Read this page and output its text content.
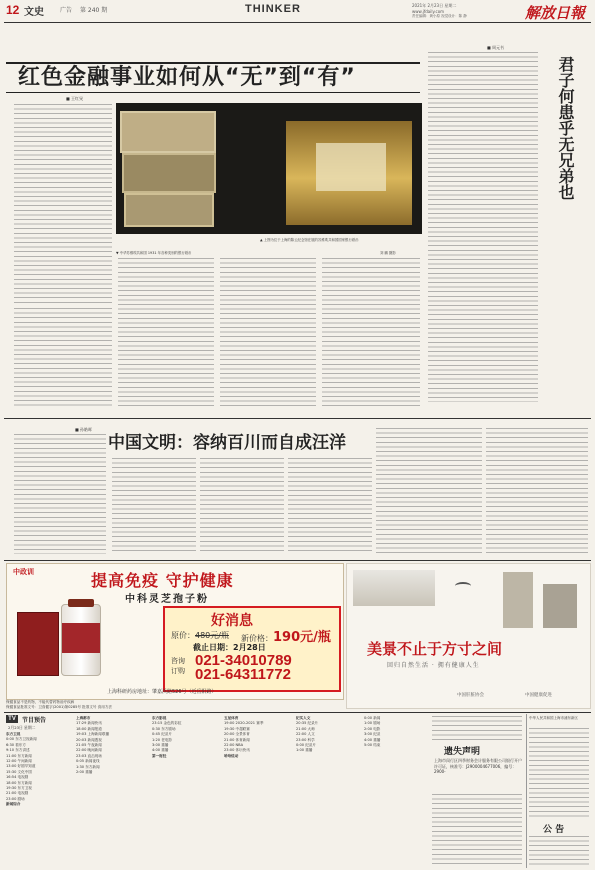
12 文史	广告 第 240 期	THINKER	2021年 2月23日 星期二
www.jfdaily.com
责任编辑：黄小原 视觉设计：陈 静	解放日報
红色金融事业如何从“无”到“有”
■ 王红旻
▲ 上图为位于上海的陈云纪念馆在展的苏维埃共和国国家银行纸币
▼ 中华苏维埃共和国 1931 年各种类别的银行纸币	刘 鹏 摄影
■ 周元书
君子何患乎无兄弟也
■ 孙皓晖
中国文明：容纳百川而自成汪洋
中政训	提高免疫 守护健康
中科灵芝孢子粉
好消息
原价：480元/瓶 新价格：190元/瓶
截止日期：2月28日
咨询
订购
021-34010789
021-64311772
上海科研药房地址：肇嘉浜路526号（近岳阳路）
保健食品不是药物，不能代替药物治疗疾病
保健食品批准文号：卫食健字(2001)第0285号 批准文号 食用方法
美景不止于方寸之间
回归自然生活 · 拥有健康人生
中国肝脏协会	中国健康促进
TV	节目预告
2月23日 星期二
东方卫视
0:00 东方卫视新闻
6:30 看东方
9:10 东方讲述
11:00 东方新闻
12:00 午间新闻
13:00 好剧早知道
15:30 文化中国
16:54 电视剧
18:00 东方新闻
19:30 东方卫视
21:00 电视剧
23:00 剧场
新闻综合
上海都市
17:29 新闻快讯
18:00 新闻报道
19:03 上海新闻联播
20:03 新闻透视
21:05 午夜新闻
22:00 晚间新闻
23:03 直击现场
0:05 新闻夜线
1:30 东方新闻
2:00 重播
东方影视
23:15 金色的彩虹
0:30 东方剧场
0:45 纪录片
1:20 老电影
3:00 重播
4:00 重播
第一财经
五星体育
19:00 2020-2021 赛季
19:30 中超联赛
20:00 全景体育
21:00 体育新闻
22:00 NBA
23:00 体坛快讯
哈哈炫动
纪实人文
20:35 纪录片
21:00 大师
22:00 人文
23:00 科学
0:00 纪录片
1:00 重播
0:00 新闻
1:00 剧场
2:00 电影
3:00 纪录
4:00 重播
5:00 结束
遗失声明
上海市闵行区四季财务会计服务有限公司银行开户许可证，核准号：J2900004677006，编号：2900-
中华人民共和国上海市浦东新区
公 告
